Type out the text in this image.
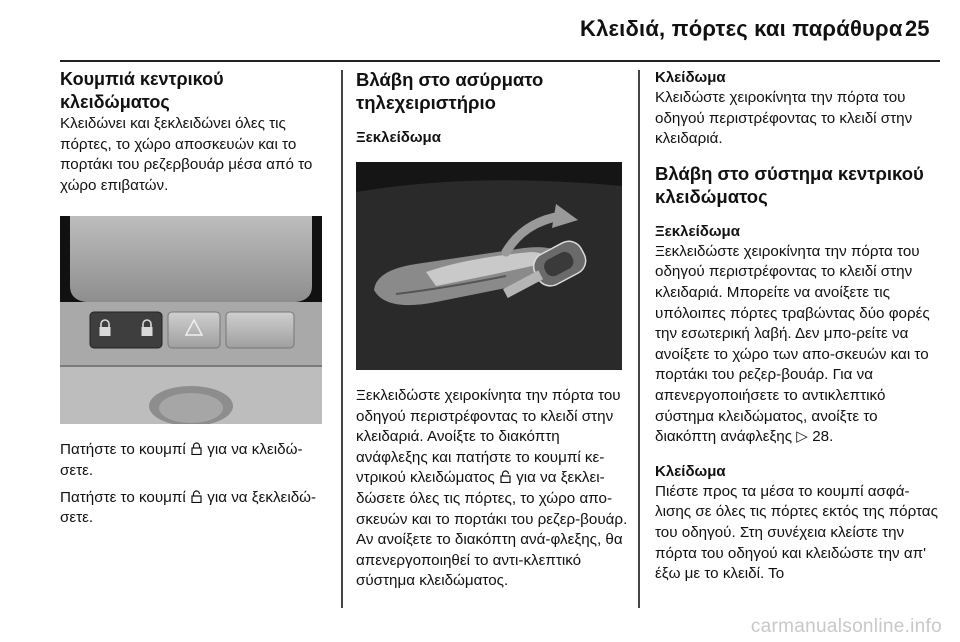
Κλειδιά, πόρτες και παράθυρα 25
Κουμπιά κεντρικού κλειδώματος

Κλειδώνει και ξεκλειδώνει όλες τις πόρτες, το χώρο αποσκευών και το πορτάκι του ρεζερβουάρ μέσα από το χώρο επιβατών.

Πατήστε το κουμπί  για να κλειδώ-σετε.

Πατήστε το κουμπί  για να ξεκλειδώ-σετε.

Βλάβη στο ασύρματο τηλεχειριστήριο
Ξεκλείδωμα

Ξεκλειδώστε χειροκίνητα την πόρτα του οδηγού περιστρέφοντας το κλειδί στην κλειδαριά. Ανοίξτε το διακόπτη ανάφλεξης και πατήστε το κουμπί κε-ντρικού κλειδώματος  για να ξεκλει-δώσετε όλες τις πόρτες, το χώρο απο-σκευών και το πορτάκι του ρεζερ-βουάρ. Αν ανοίξετε το διακόπτη ανά-φλεξης, θα απενεργοποιηθεί το αντι-κλεπτικό σύστημα κλειδώματος.

Κλείδωμα

Κλειδώστε χειροκίνητα την πόρτα του οδηγού περιστρέφοντας το κλειδί στην κλειδαριά.

Βλάβη στο σύστημα κεντρικού κλειδώματος
Ξεκλείδωμα

Ξεκλειδώστε χειροκίνητα την πόρτα του οδηγού περιστρέφοντας το κλειδί στην κλειδαριά. Μπορείτε να ανοίξετε τις υπόλοιπες πόρτες τραβώντας δύο φορές την εσωτερική λαβή. Δεν μπο-ρείτε να ανοίξετε το χώρο των απο-σκευών και το πορτάκι του ρεζερ-βουάρ. Για να απενεργοποιήσετε το αντικλεπτικό σύστημα κλειδώματος, ανοίξτε το διακόπτη ανάφλεξης ▷ 28.

Κλείδωμα

Πιέστε προς τα μέσα το κουμπί ασφά-λισης σε όλες τις πόρτες εκτός της πόρτας του οδηγού. Στη συνέχεια κλείστε την πόρτα του οδηγού και κλειδώστε την απ' έξω με το κλειδί. Το

carmanualsonline.info
